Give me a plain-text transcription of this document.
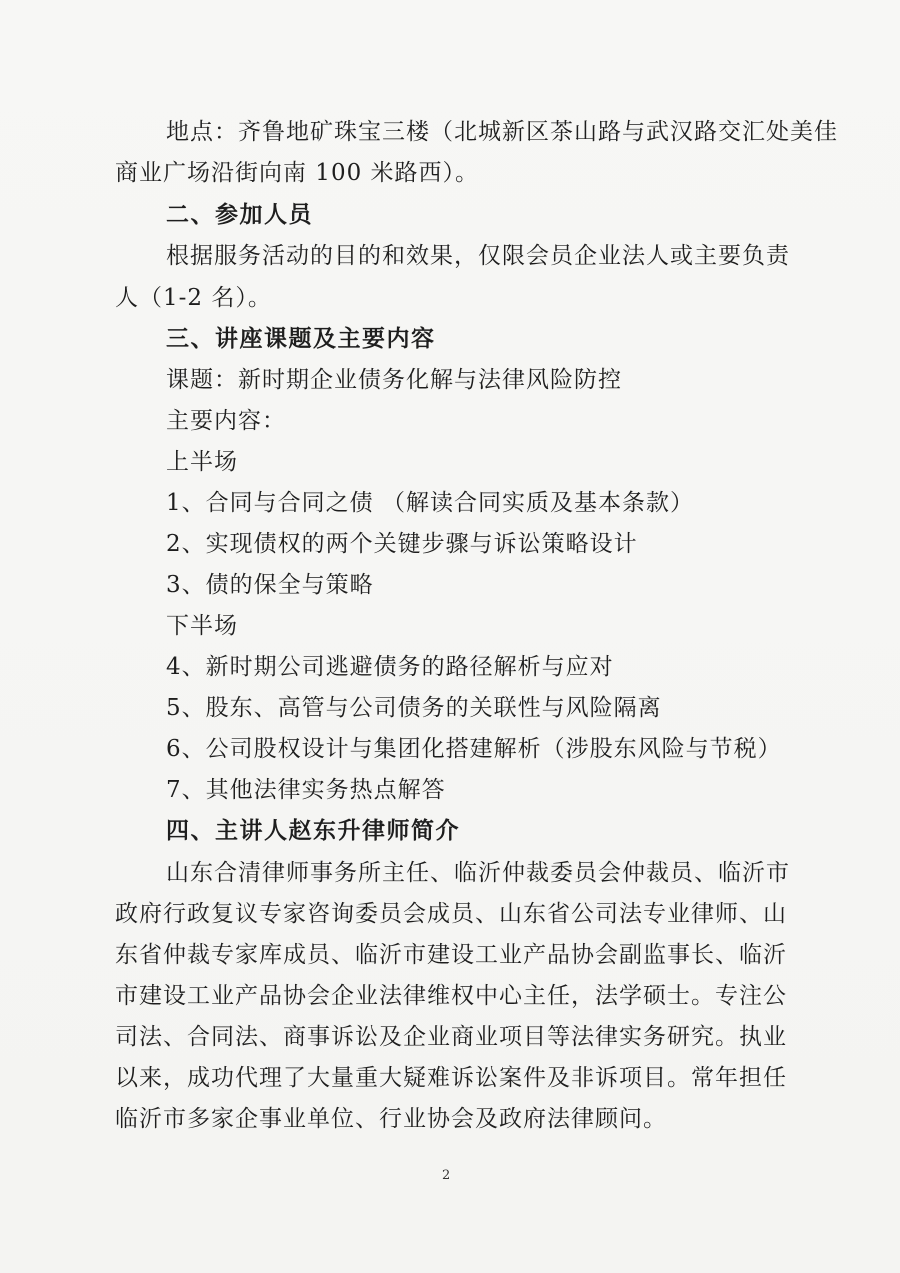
地点：齐鲁地矿珠宝三楼（北城新区茶山路与武汉路交汇处美佳
商业广场沿街向南 100 米路西）。
二、参加人员
根据服务活动的目的和效果，仅限会员企业法人或主要负责
人（1-2 名）。
三、讲座课题及主要内容
课题：新时期企业债务化解与法律风险防控
主要内容：
上半场
1、合同与合同之债 （解读合同实质及基本条款）
2、实现债权的两个关键步骤与诉讼策略设计
3、债的保全与策略
下半场
4、新时期公司逃避债务的路径解析与应对
5、股东、高管与公司债务的关联性与风险隔离
6、公司股权设计与集团化搭建解析（涉股东风险与节税）
7、其他法律实务热点解答
四、主讲人赵东升律师简介
山东合清律师事务所主任、临沂仲裁委员会仲裁员、临沂市
政府行政复议专家咨询委员会成员、山东省公司法专业律师、山
东省仲裁专家库成员、临沂市建设工业产品协会副监事长、临沂
市建设工业产品协会企业法律维权中心主任，法学硕士。专注公
司法、合同法、商事诉讼及企业商业项目等法律实务研究。执业
以来，成功代理了大量重大疑难诉讼案件及非诉项目。常年担任
临沂市多家企事业单位、行业协会及政府法律顾问。
2
